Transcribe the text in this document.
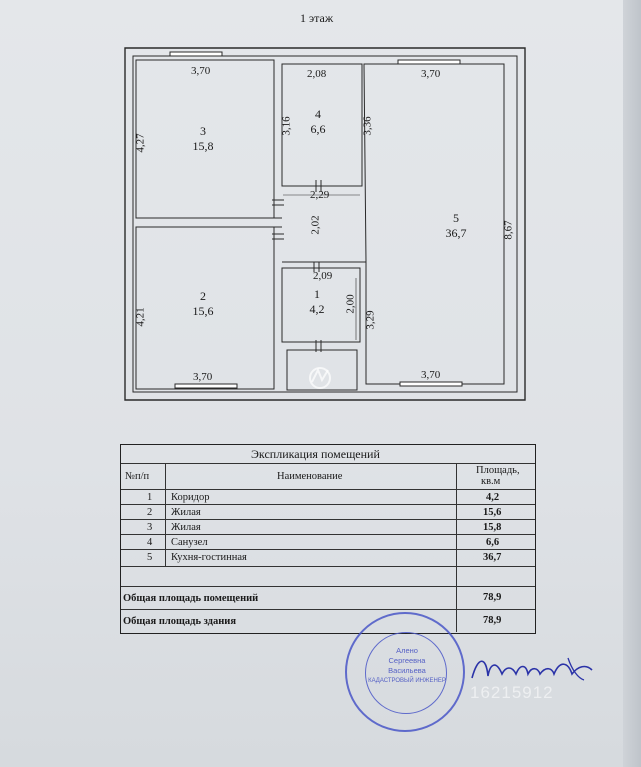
1 этаж
3,70
4,27
2,08
3,16
2,29
3,70
3,36
8,67
3,70
2,02
2,09
2,00
3,29
4,21
3,70
3
15,8
4
6,6
5
36,7
2
15,6
1
4,2
Экспликация помещений
№п/п	Наименование
Площадь,
кв.м
1 Коридор	4,2
2 Жилая	15,6
3 Жилая	15,8
4 Санузел	6,6
5 Кухня-гостинная	36,7
Общая площадь помещений	78,9
Общая площадь здания	78,9
Алено
Сергеевна
Васильева
КАДАСТРОВЫЙ ИНЖЕНЕР
16215912
